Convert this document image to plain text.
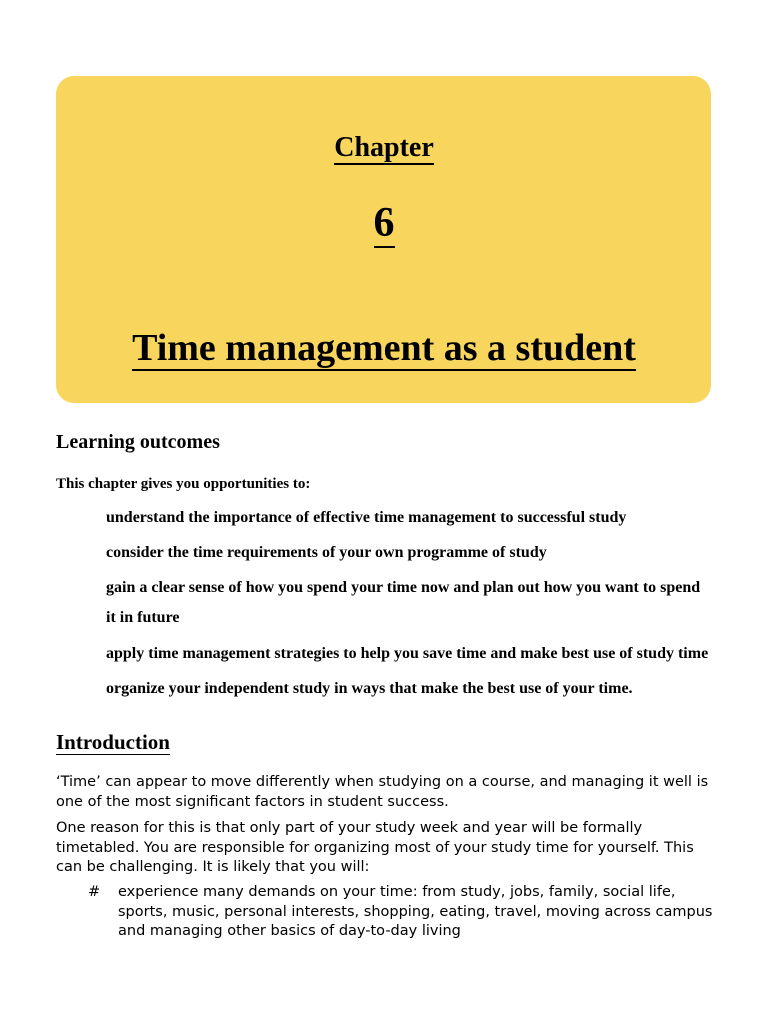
Chapter
6
Time management as a student
Learning outcomes
This chapter gives you opportunities to:
understand the importance of effective time management to successful study
consider the time requirements of your own programme of study
gain a clear sense of how you spend your time now and plan out how you want to spend
it in future
apply time management strategies to help you save time and make best use of study time
organize your independent study in ways that make the best use of your time.
Introduction

‘Time’ can appear to move differently when studying on a course, and managing it well is one of the most significant factors in student success.

One reason for this is that only part of your study week and year will be formally timetabled. You are responsible for organizing most of your study time for yourself. This can be challenging. It is likely that you will:

# experience many demands on your time: from study, jobs, family, social life, sports, music, personal interests, shopping, eating, travel, moving across campus and managing other basics of day-to-day living
